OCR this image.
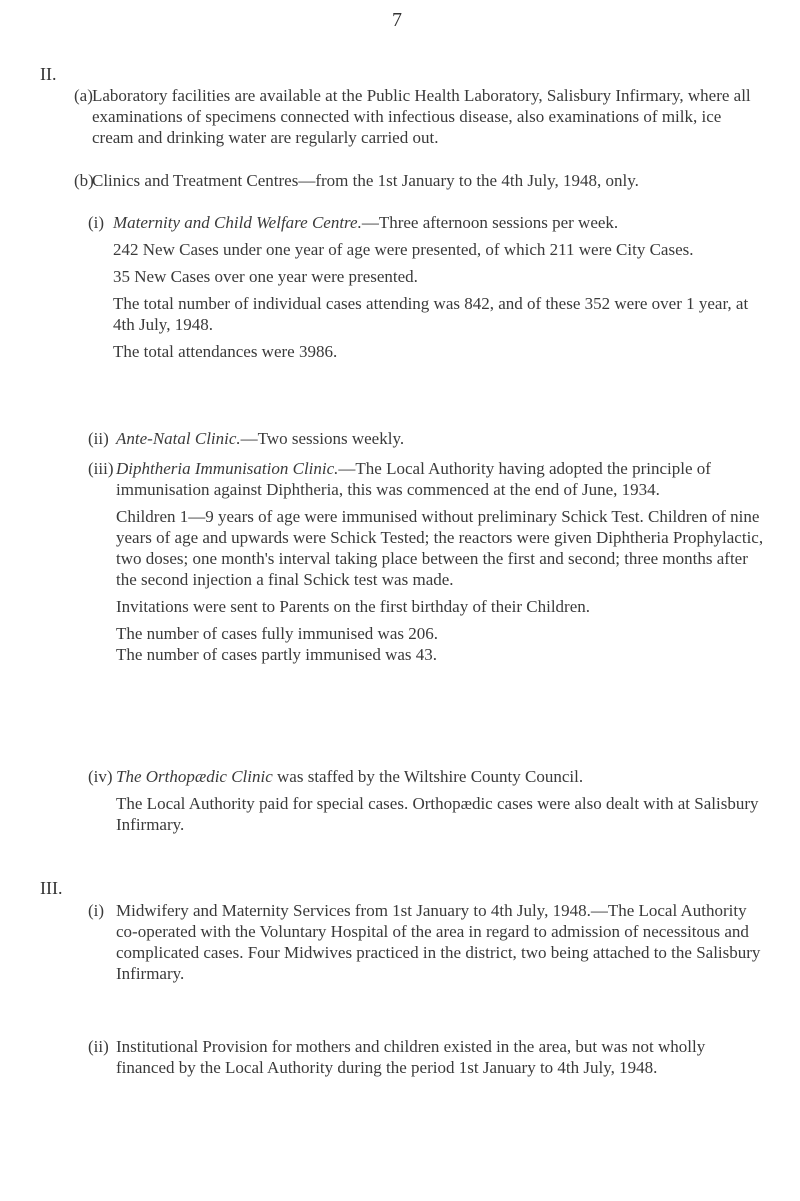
7
II.
(a) Laboratory facilities are available at the Public Health Laboratory, Salisbury Infirmary, where all examinations of specimens connected with infectious disease, also examinations of milk, ice cream and drinking water are regularly carried out.

(b)

Clinics and Treatment Centres—from the 1st January to the 4th July, 1948, only.

(i) Maternity and Child Welfare Centre.—Three afternoon sessions per week.

242 New Cases under one year of age were presented, of which 211 were City Cases.

35 New Cases over one year were presented.

The total number of individual cases attending was 842, and of these 352 were over 1 year, at 4th July, 1948.

The total attendances were 3986.

(ii) Ante-Natal Clinic.—Two sessions weekly.

(iii) Diphtheria Immunisation Clinic.—The Local Authority having adopted the principle of immunisation against Diphtheria, this was commenced at the end of June, 1934.

Children 1—9 years of age were immunised without preliminary Schick Test. Children of nine years of age and upwards were Schick Tested; the reactors were given Diphtheria Prophylactic, two doses; one month's interval taking place between the first and second; three months after the second injection a final Schick test was made.

Invitations were sent to Parents on the first birthday of their Children.

The number of cases fully immunised was 206.

The number of cases partly immunised was 43.

(iv) The Orthopædic Clinic was staffed by the Wiltshire County Council.

The Local Authority paid for special cases. Orthopædic cases were also dealt with at Salisbury Infirmary.

III.
(i) Midwifery and Maternity Services from 1st January to 4th July, 1948.—The Local Authority co-operated with the Voluntary Hospital of the area in regard to admission of necessitous and complicated cases. Four Midwives practiced in the district, two being attached to the Salisbury Infirmary.

(ii) Institutional Provision for mothers and children existed in the area, but was not wholly financed by the Local Authority during the period 1st January to 4th July, 1948.
